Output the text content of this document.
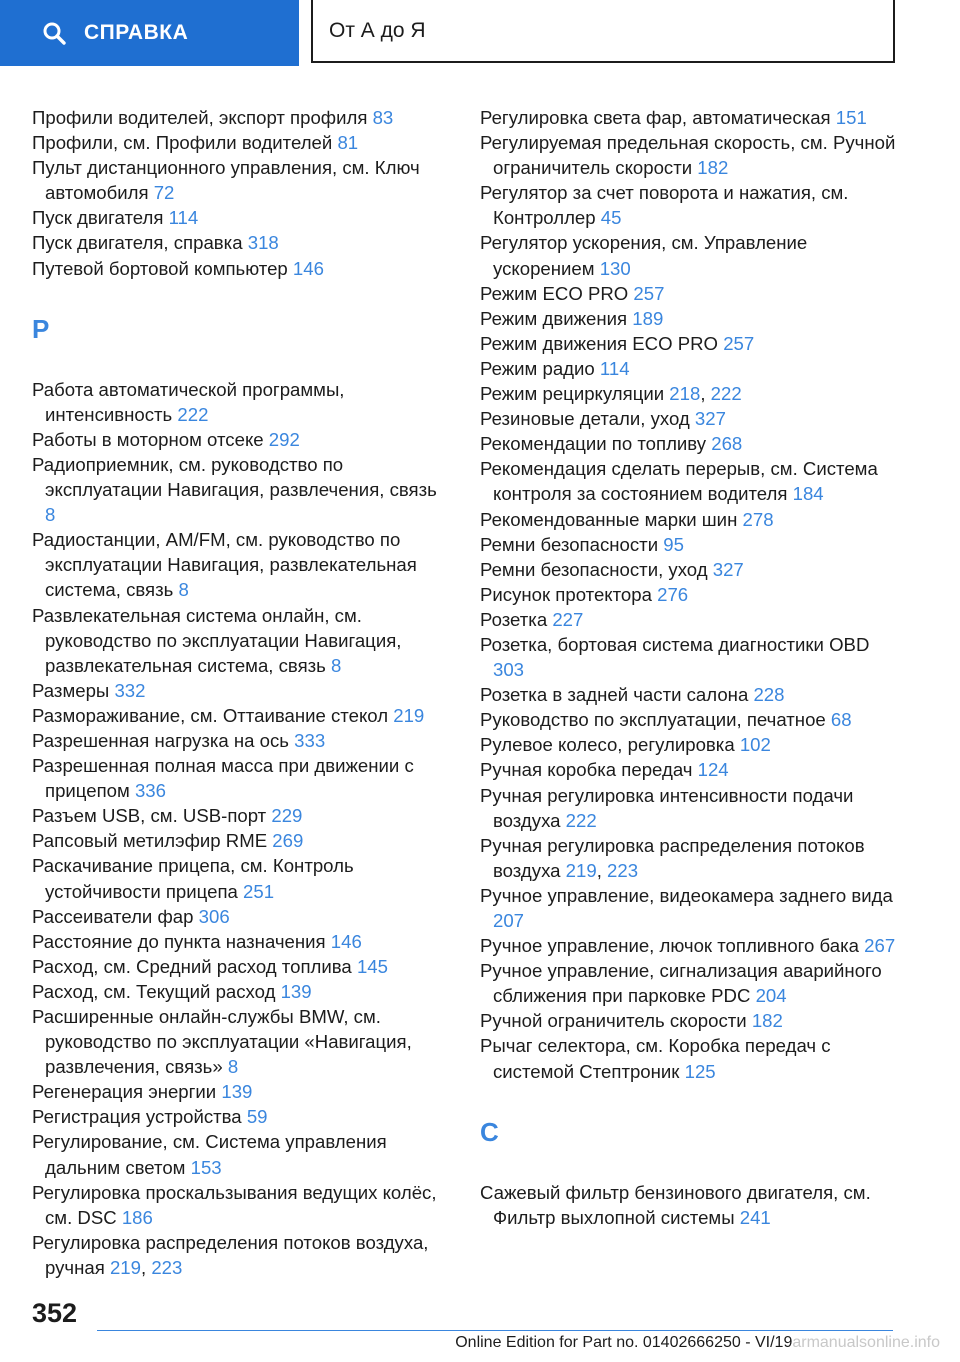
СПРАВКА	От А до Я
Профили водителей, экспорт профиля 83
Профили, см. Профили водителей 81
Пульт дистанционного управления, см. Ключ автомобиля 72
Пуск двигателя 114
Пуск двигателя, справка 318
Путевой бортовой компьютер 146
Р
Работа автоматической программы, интенсивность 222
Работы в моторном отсеке 292
Радиоприемник, см. руководство по эксплуатации Навигация, развлечения, связь 8
Радиостанции, AM/FM, см. руководство по эксплуатации Навигация, развлекательная система, связь 8
Развлекательная система онлайн, см. руководство по эксплуатации Навигация, развлекательная система, связь 8
Размеры 332
Размораживание, см. Оттаивание стекол 219
Разрешенная нагрузка на ось 333
Разрешенная полная масса при движении с прицепом 336
Разъем USB, см. USB-порт 229
Рапсовый метилэфир RME 269
Раскачивание прицепа, см. Контроль устойчивости прицепа 251
Рассеиватели фар 306
Расстояние до пункта назначения 146
Расход, см. Средний расход топлива 145
Расход, см. Текущий расход 139
Расширенные онлайн-службы BMW, см. руководство по эксплуатации «Навигация, развлечения, связь» 8
Регенерация энергии 139
Регистрация устройства 59
Регулирование, см. Система управления дальним светом 153
Регулировка проскальзывания ведущих колёс, см. DSC 186
Регулировка распределения потоков воздуха, ручная 219, 223
Регулировка света фар, автоматическая 151
Регулируемая предельная скорость, см. Ручной ограничитель скорости 182
Регулятор за счет поворота и нажатия, см. Контроллер 45
Регулятор ускорения, см. Управление ускорением 130
Режим ECO PRO 257
Режим движения 189
Режим движения ECO PRO 257
Режим радио 114
Режим рециркуляции 218, 222
Резиновые детали, уход 327
Рекомендации по топливу 268
Рекомендация сделать перерыв, см. Система контроля за состоянием водителя 184
Рекомендованные марки шин 278
Ремни безопасности 95
Ремни безопасности, уход 327
Рисунок протектора 276
Розетка 227
Розетка, бортовая система диагностики OBD 303
Розетка в задней части салона 228
Руководство по эксплуатации, печатное 68
Рулевое колесо, регулировка 102
Ручная коробка передач 124
Ручная регулировка интенсивности подачи воздуха 222
Ручная регулировка распределения потоков воздуха 219, 223
Ручное управление, видеокамера заднего вида 207
Ручное управление, лючок топливного бака 267
Ручное управление, сигнализация аварийного сближения при парковке PDC 204
Ручной ограничитель скорости 182
Рычаг селектора, см. Коробка передач с системой Стептроник 125
С
Сажевый фильтр бензинового двигателя, см. Фильтр выхлопной системы 241
352
Online Edition for Part no. 01402666250 - VI/19armanualsonline.info
